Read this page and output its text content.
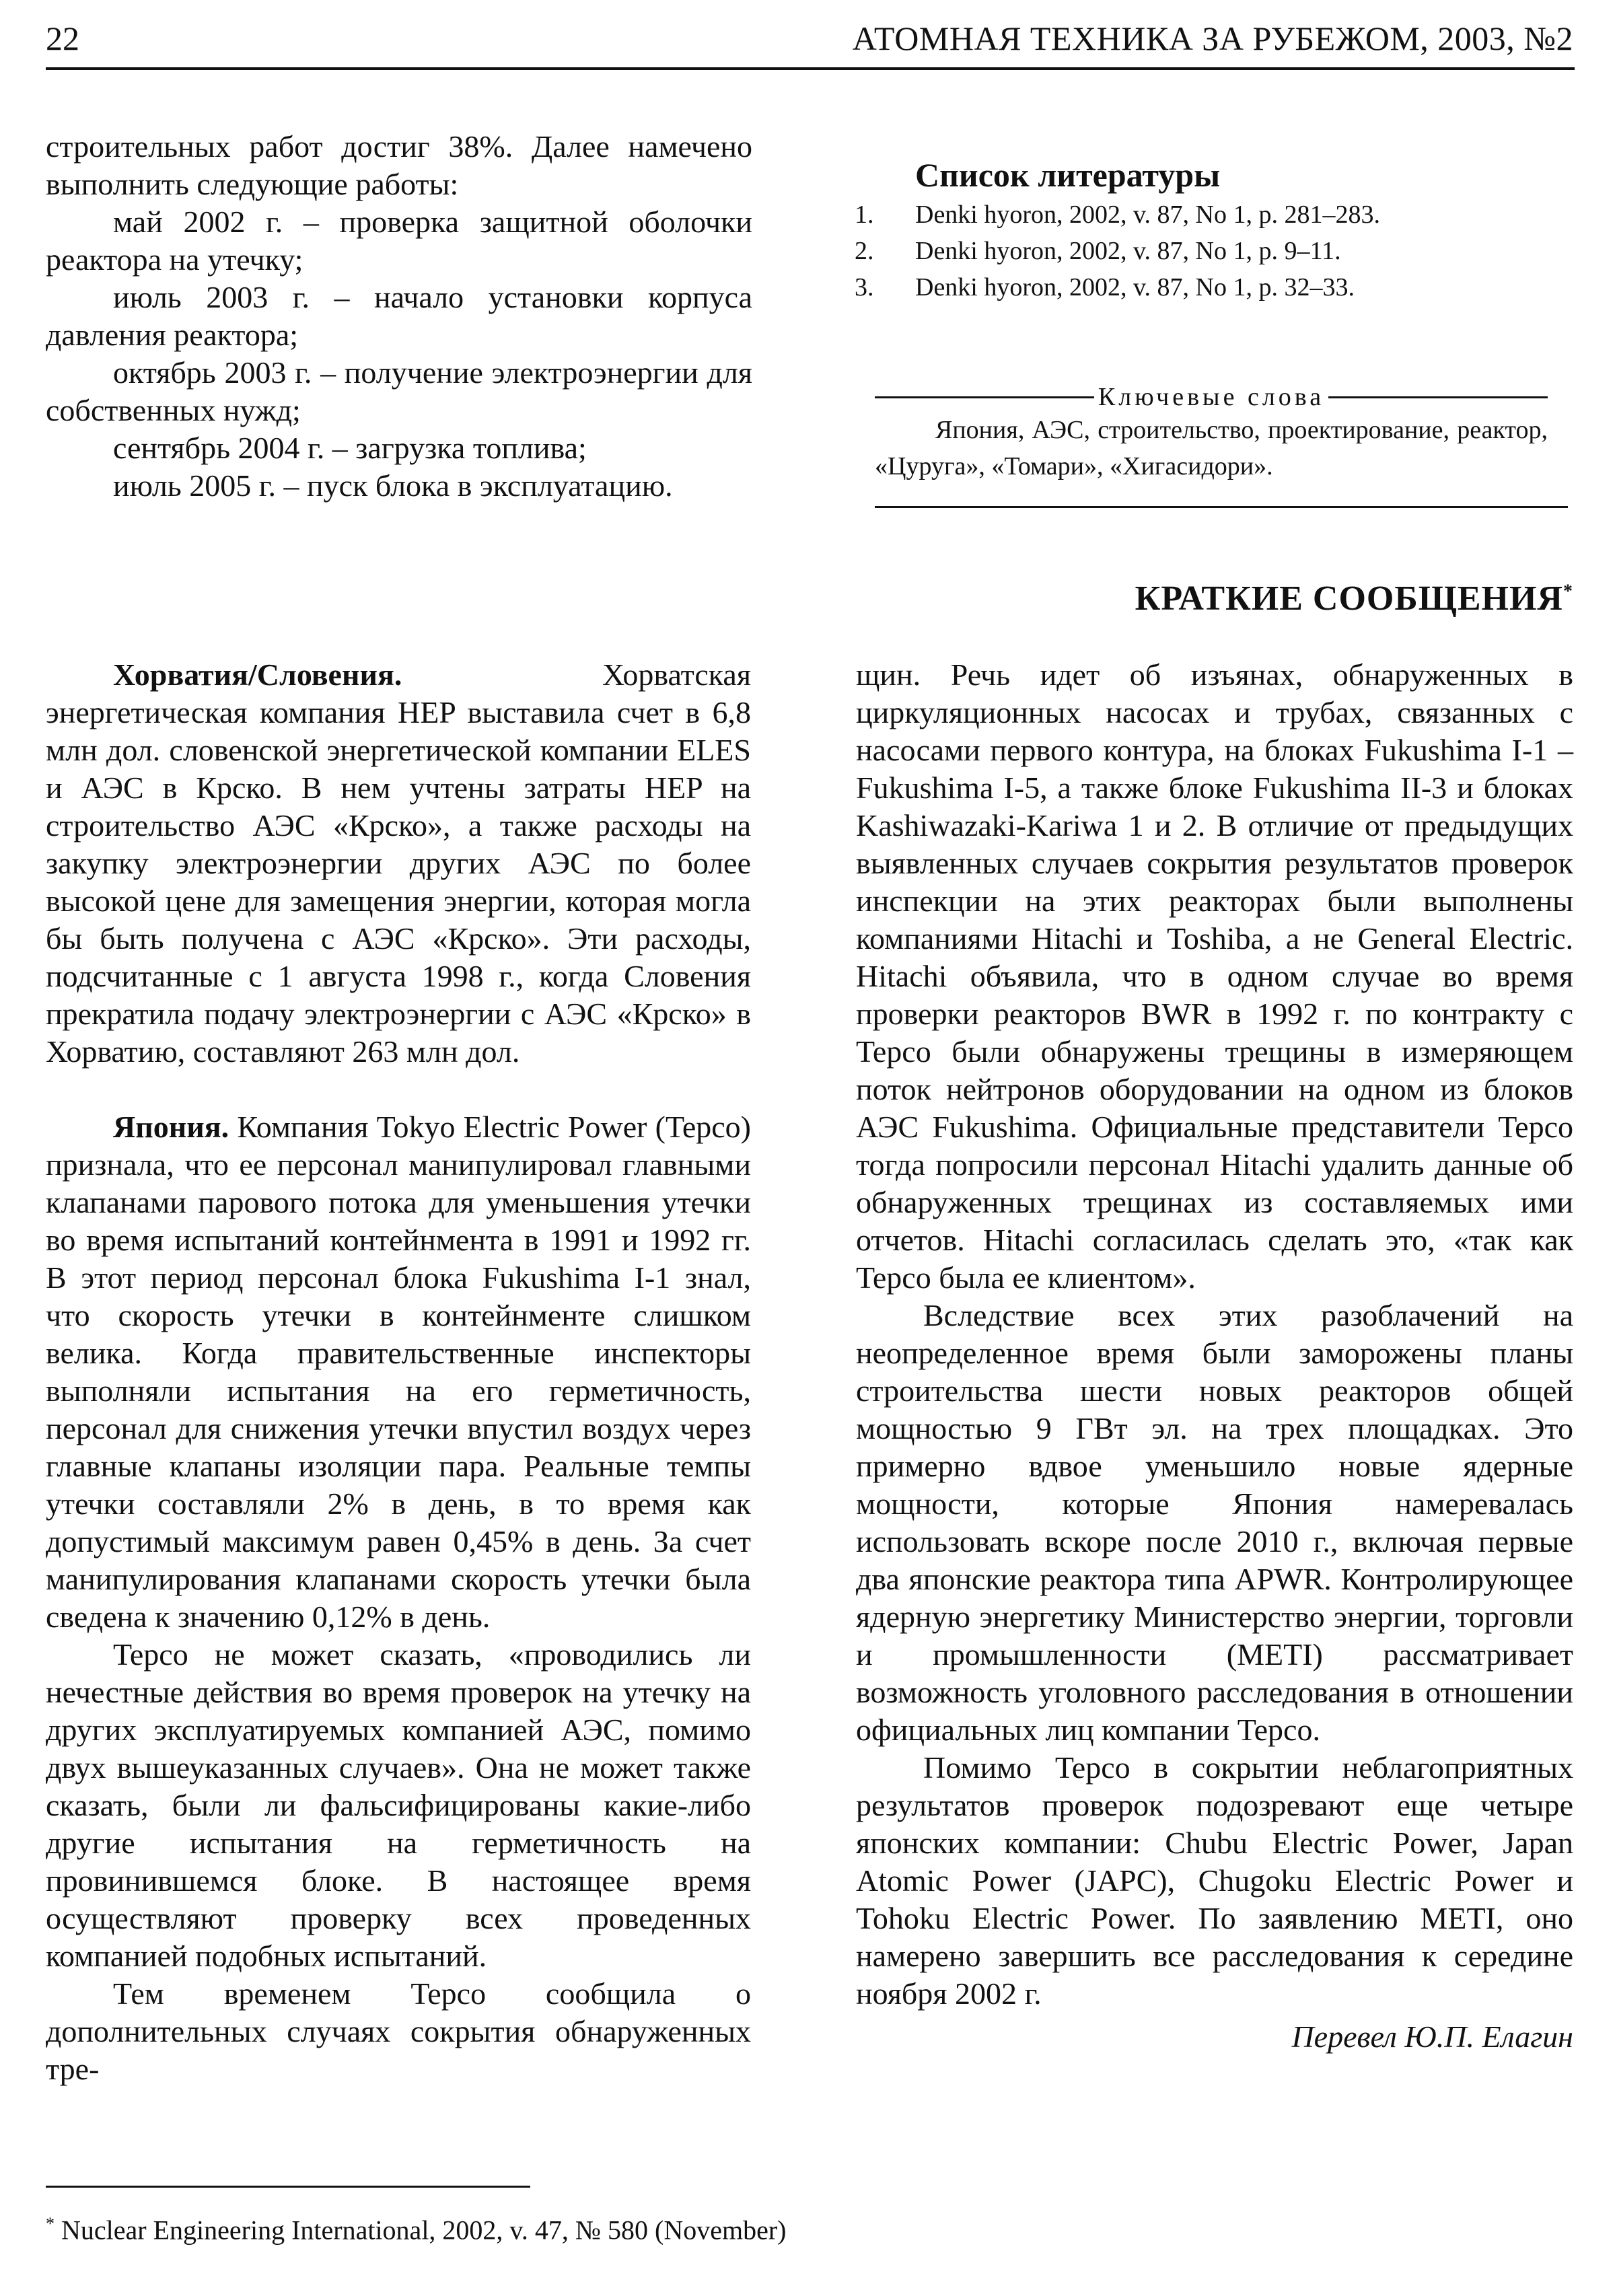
22	АТОМНАЯ ТЕХНИКА ЗА РУБЕЖОМ, 2003, №2

строительных работ достиг 38%. Далее намечено выполнить следующие работы:

май 2002 г. – проверка защитной оболочки реактора на утечку;

июль 2003 г. – начало установки корпуса давления реактора;

октябрь 2003 г. – получение электроэнергии для собственных нужд;

сентябрь 2004 г. – загрузка топлива;

июль 2005 г. – пуск блока в эксплуатацию.

Список литературы
1.	Denki hyoron, 2002, v. 87, No 1, p. 281–283.
2.	Denki hyoron, 2002, v. 87, No 1, p. 9–11.
3.	Denki hyoron, 2002, v. 87, No 1, p. 32–33.
Ключевые слова
Япония, АЭС, строительство, проектирование, реактор, «Цуруга», «Томари», «Хигасидори».
КРАТКИЕ СООБЩЕНИЯ*

Хорватия/Словения. Хорватская энергетическая компания HEP выставила счет в 6,8 млн дол. словенской энергетической компании ELES и АЭС в Крско. В нем учтены затраты HEP на строительство АЭС «Крско», а также расходы на закупку электроэнергии других АЭС по более высокой цене для замещения энергии, которая могла бы быть получена с АЭС «Крско». Эти расходы, подсчитанные с 1 августа 1998 г., когда Словения прекратила подачу электроэнергии с АЭС «Крско» в Хорватию, составляют 263 млн дол.

Япония. Компания Tokyo Electric Power (Tepco) признала, что ее персонал манипулировал главными клапанами парового потока для уменьшения утечки во время испытаний контейнмента в 1991 и 1992 гг. В этот период персонал блока Fukushima I-1 знал, что скорость утечки в контейнменте слишком велика. Когда правительственные инспекторы выполняли испытания на его герметичность, персонал для снижения утечки впустил воздух через главные клапаны изоляции пара. Реальные темпы утечки составляли 2% в день, в то время как допустимый максимум равен 0,45% в день. За счет манипулирования клапанами скорость утечки была сведена к значению 0,12% в день.

Tepco не может сказать, «проводились ли нечестные действия во время проверок на утечку на других эксплуатируемых компанией АЭС, помимо двух вышеуказанных случаев». Она не может также сказать, были ли фальсифицированы какие-либо другие испытания на герметичность на провинившемся блоке. В настоящее время осуществляют проверку всех проведенных компанией подобных испытаний.

Тем временем Tepco сообщила о дополнительных случаях сокрытия обнаруженных тре-

щин. Речь идет об изъянах, обнаруженных в циркуляционных насосах и трубах, связанных с насосами первого контура, на блоках Fukushima I-1 – Fukushima I-5, а также блоке Fukushima II-3 и блоках Kashiwazaki-Kariwa 1 и 2. В отличие от предыдущих выявленных случаев сокрытия результатов проверок инспекции на этих реакторах были выполнены компаниями Hitachi и Toshiba, а не General Electric. Hitachi объявила, что в одном случае во время проверки реакторов BWR в 1992 г. по контракту с Tepco были обнаружены трещины в измеряющем поток нейтронов оборудовании на одном из блоков АЭС Fukushima. Официальные представители Tepco тогда попросили персонал Hitachi удалить данные об обнаруженных трещинах из составляемых ими отчетов. Hitachi согласилась сделать это, «так как Tepco была ее клиентом».

Вследствие всех этих разоблачений на неопределенное время были заморожены планы строительства шести новых реакторов общей мощностью 9 ГВт эл. на трех площадках. Это примерно вдвое уменьшило новые ядерные мощности, которые Япония намеревалась использовать вскоре после 2010 г., включая первые два японские реактора типа APWR. Контролирующее ядерную энергетику Министерство энергии, торговли и промышленности (METI) рассматривает возможность уголовного расследования в отношении официальных лиц компании Tepco.

Помимо Tepco в сокрытии неблагоприятных результатов проверок подозревают еще четыре японских компании: Chubu Electric Power, Japan Atomic Power (JAPC), Chugoku Electric Power и Tohoku Electric Power. По заявлению METI, оно намерено завершить все расследования к середине ноября 2002 г.

Перевел Ю.П. Елагин

* Nuclear Engineering International, 2002, v. 47, № 580 (November)
